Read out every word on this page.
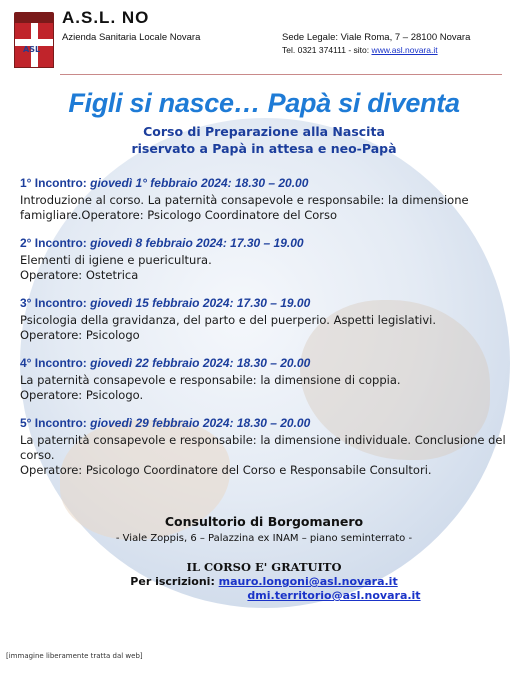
ASL
A.S.L. NO
Azienda Sanitaria Locale Novara	Sede Legale: Viale Roma, 7 – 28100 Novara
Tel. 0321 374111 - sito: www.asl.novara.it
Figli si nasce… Papà si diventa
Corso di Preparazione alla Nascita
riservato a Papà in attesa e neo-Papà
1° Incontro: giovedì 1° febbraio 2024: 18.30 – 20.00
Introduzione al corso. La paternità consapevole e responsabile: la dimensione famigliare.Operatore: Psicologo Coordinatore del Corso
2° Incontro: giovedì 8 febbraio 2024: 17.30 – 19.00
Elementi di igiene e puericultura.
Operatore: Ostetrica
3° Incontro: giovedì 15 febbraio 2024: 17.30 – 19.00
Psicologia della gravidanza, del parto e del puerperio. Aspetti legislativi.
Operatore: Psicologo
4° Incontro: giovedì 22 febbraio 2024: 18.30 – 20.00
La paternità consapevole e responsabile: la dimensione di coppia.
Operatore: Psicologo.
5° Incontro: giovedì 29 febbraio 2024: 18.30 – 20.00
La paternità consapevole e responsabile: la dimensione individuale. Conclusione del corso.
Operatore: Psicologo Coordinatore del Corso e Responsabile Consultori.
Consultorio di Borgomanero
- Viale Zoppis, 6 – Palazzina ex INAM – piano seminterrato -
IL CORSO E' GRATUITO
Per iscrizioni: mauro.longoni@asl.novara.it
dmi.territorio@asl.novara.it
[immagine liberamente tratta dal web]
